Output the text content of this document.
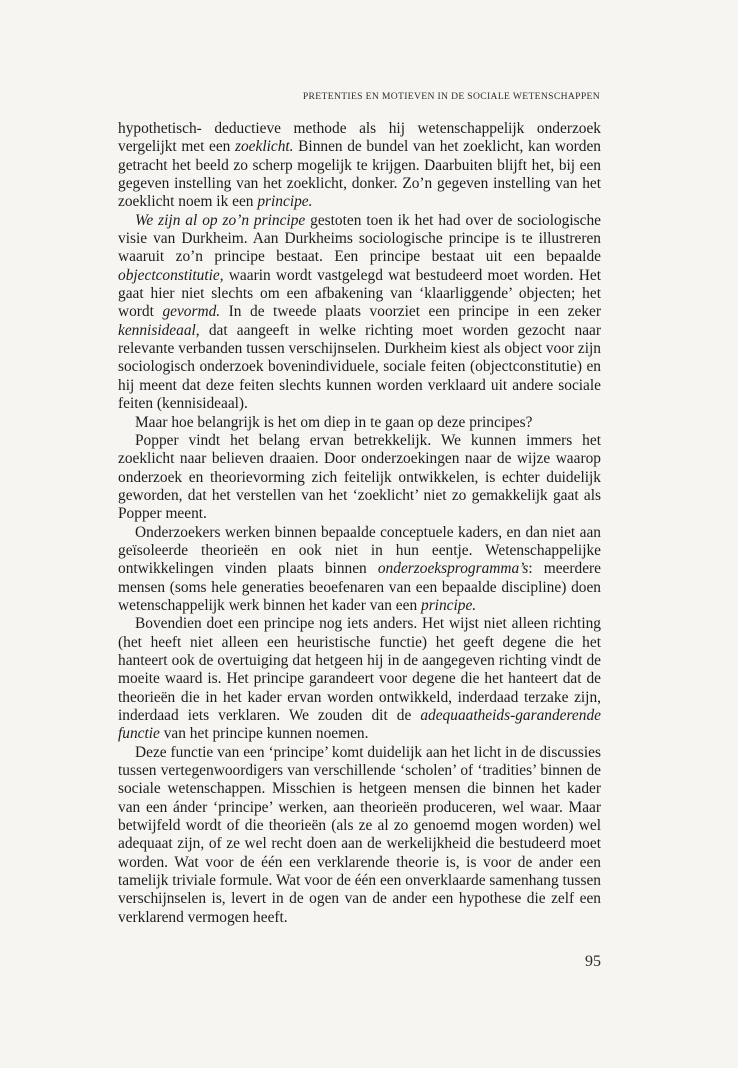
PRETENTIES EN MOTIEVEN IN DE SOCIALE WETENSCHAPPEN

hypothetisch- deductieve methode als hij wetenschappelijk onderzoek vergelijkt met een zoeklicht. Binnen de bundel van het zoeklicht, kan worden getracht het beeld zo scherp mogelijk te krijgen. Daarbuiten blijft het, bij een gegeven instelling van het zoeklicht, donker. Zo’n gegeven instelling van het zoeklicht noem ik een principe.

We zijn al op zo’n principe gestoten toen ik het had over de sociologische visie van Durkheim. Aan Durkheims sociologische principe is te illustreren waaruit zo’n principe bestaat. Een principe bestaat uit een bepaalde objectconstitutie, waarin wordt vastgelegd wat bestudeerd moet worden. Het gaat hier niet slechts om een afbakening van ‘klaarliggende’ objecten; het wordt gevormd. In de tweede plaats voorziet een principe in een zeker kennisideaal, dat aangeeft in welke richting moet worden gezocht naar relevante verbanden tussen verschijnselen. Durkheim kiest als object voor zijn sociologisch onderzoek bovenindividuele, sociale feiten (objectconstitutie) en hij meent dat deze feiten slechts kunnen worden verklaard uit andere sociale feiten (kennisideaal).

Maar hoe belangrijk is het om diep in te gaan op deze principes?

Popper vindt het belang ervan betrekkelijk. We kunnen immers het zoeklicht naar believen draaien. Door onderzoekingen naar de wijze waarop onderzoek en theorievorming zich feitelijk ontwikkelen, is echter duidelijk geworden, dat het verstellen van het ‘zoeklicht’ niet zo gemakkelijk gaat als Popper meent.

Onderzoekers werken binnen bepaalde conceptuele kaders, en dan niet aan geïsoleerde theorieën en ook niet in hun eentje. Wetenschappelijke ontwikkelingen vinden plaats binnen onderzoeksprogramma’s: meerdere mensen (soms hele generaties beoefenaren van een bepaalde discipline) doen wetenschappelijk werk binnen het kader van een principe.

Bovendien doet een principe nog iets anders. Het wijst niet alleen richting (het heeft niet alleen een heuristische functie) het geeft degene die het hanteert ook de overtuiging dat hetgeen hij in de aangegeven richting vindt de moeite waard is. Het principe garandeert voor degene die het hanteert dat de theorieën die in het kader ervan worden ontwikkeld, inderdaad terzake zijn, inderdaad iets verklaren. We zouden dit de adequaatheids-garanderende functie van het principe kunnen noemen.

Deze functie van een ‘principe’ komt duidelijk aan het licht in de discussies tussen vertegenwoordigers van verschillende ‘scholen’ of ‘tradities’ binnen de sociale wetenschappen. Misschien is hetgeen mensen die binnen het kader van een ánder ‘principe’ werken, aan theorieën produceren, wel waar. Maar betwijfeld wordt of die theorieën (als ze al zo genoemd mogen worden) wel adequaat zijn, of ze wel recht doen aan de werkelijkheid die bestudeerd moet worden. Wat voor de één een verklarende theorie is, is voor de ander een tamelijk triviale formule. Wat voor de één een onverklaarde samenhang tussen verschijnselen is, levert in de ogen van de ander een hypothese die zelf een verklarend vermogen heeft.

95
